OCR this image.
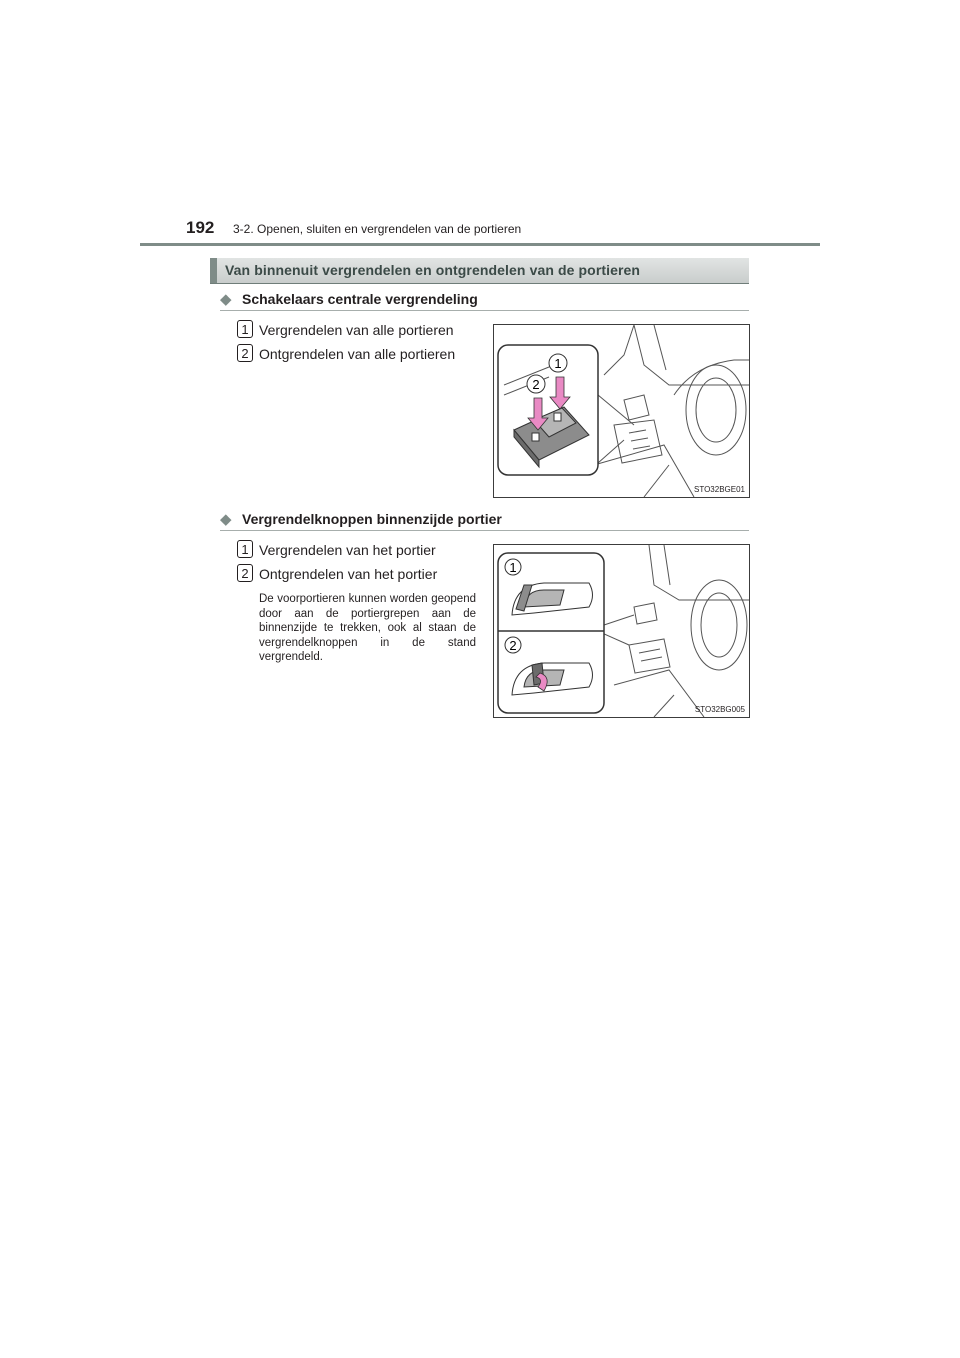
192 3-2. Openen, sluiten en vergrendelen van de portieren
Van binnenuit vergrendelen en ontgrendelen van de portieren
◆ Schakelaars centrale vergrendeling
1 Vergrendelen van alle portieren
2 Ontgrendelen van alle portieren
1
2
STO32BGE01
◆ Vergrendelknoppen binnenzijde portier
1 Vergrendelen van het portier
2 Ontgrendelen van het portier
De voorportieren kunnen worden geopend door aan de portiergrepen aan de binnenzijde te trekken, ook al staan de vergrendelknoppen in de stand vergrendeld.
1
2
STO32BG005
